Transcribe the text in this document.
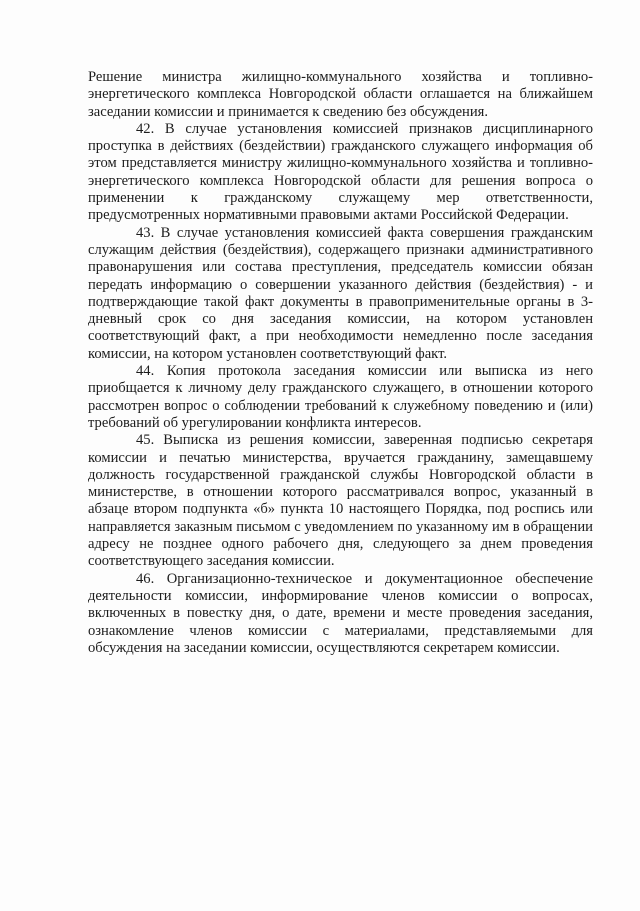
Решение министра жилищно-коммунального хозяйства и топливно-энергетического комплекса Новгородской области оглашается на ближайшем заседании комиссии и принимается к сведению без обсуждения.

42. В случае установления комиссией признаков дисциплинарного проступка в действиях (бездействии) гражданского служащего информация об этом представляется министру жилищно-коммунального хозяйства и топливно-энергетического комплекса Новгородской области для решения вопроса о применении к гражданскому служащему мер ответственности, предусмотренных нормативными правовыми актами Российской Федерации.

43. В случае установления комиссией факта совершения гражданским служащим действия (бездействия), содержащего признаки административного правонарушения или состава преступления, председатель комиссии обязан передать информацию о совершении указанного действия (бездействия) - и подтверждающие такой факт документы в правоприменительные органы в 3-дневный срок со дня заседания комиссии, на котором установлен соответствующий факт, а при необходимости немедленно после заседания комиссии, на котором установлен соответствующий факт.

44. Копия протокола заседания комиссии или выписка из него приобщается к личному делу гражданского служащего, в отношении которого рассмотрен вопрос о соблюдении требований к служебному поведению и (или) требований об урегулировании конфликта интересов.

45. Выписка из решения комиссии, заверенная подписью секретаря комиссии и печатью министерства, вручается гражданину, замещавшему должность государственной гражданской службы Новгородской области в министерстве, в отношении которого рассматривался вопрос, указанный в абзаце втором подпункта «б» пункта 10 настоящего Порядка, под роспись или направляется заказным письмом с уведомлением по указанному им в обращении адресу не позднее одного рабочего дня, следующего за днем проведения соответствующего заседания комиссии.

46. Организационно-техническое и документационное обеспечение деятельности комиссии, информирование членов комиссии о вопросах, включенных в повестку дня, о дате, времени и месте проведения заседания, ознакомление членов комиссии с материалами, представляемыми для обсуждения на заседании комиссии, осуществляются секретарем комиссии.
